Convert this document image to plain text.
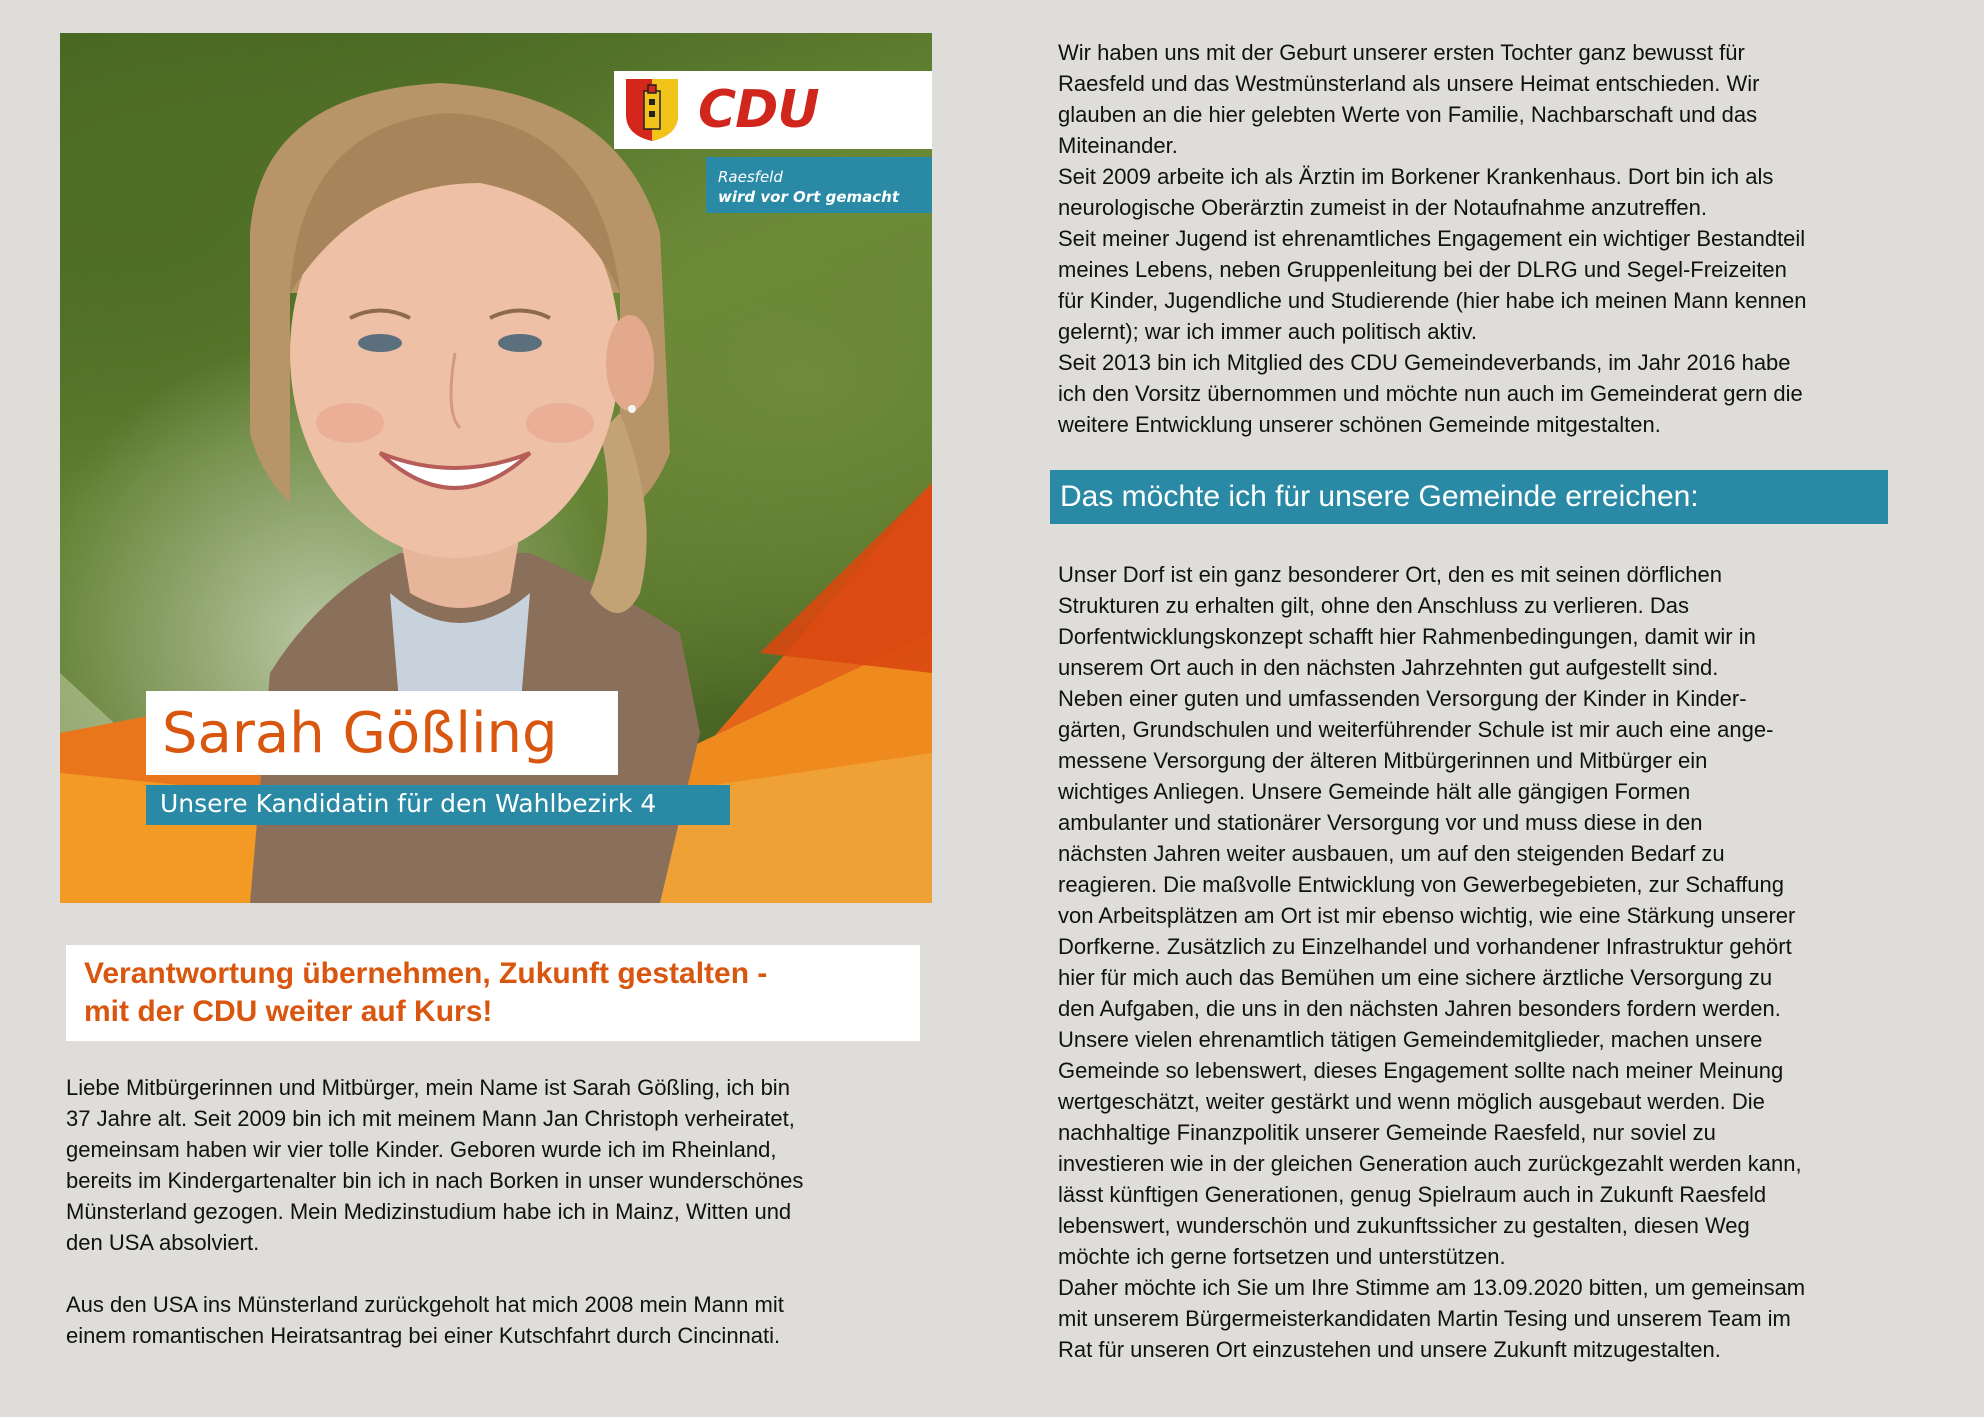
CDU
Raesfeld
wird vor Ort gemacht
Sarah Gößling
Unsere Kandidatin für den Wahlbezirk 4
Verantwortung übernehmen, Zukunft gestalten -
mit der CDU weiter auf Kurs!
Liebe Mitbürgerinnen und Mitbürger, mein Name ist Sarah Gößling, ich bin
37 Jahre alt. Seit 2009 bin ich mit meinem Mann Jan Christoph verheiratet,
gemeinsam haben wir vier tolle Kinder. Geboren wurde ich im Rheinland,
bereits im Kindergartenalter bin ich in nach Borken in unser wunderschönes
Münsterland gezogen. Mein Medizinstudium habe ich in Mainz, Witten und
den USA absolviert.
Aus den USA ins Münsterland zurückgeholt hat mich 2008 mein Mann mit
einem romantischen Heiratsantrag bei einer Kutschfahrt durch Cincinnati.
Wir haben uns mit der Geburt unserer ersten Tochter ganz bewusst für
Raesfeld und das Westmünsterland als unsere Heimat entschieden. Wir
glauben an die hier gelebten Werte von Familie, Nachbarschaft und das
Miteinander.
Seit 2009 arbeite ich als Ärztin im Borkener Krankenhaus. Dort bin ich als
neurologische Oberärztin zumeist in der Notaufnahme anzutreffen.
Seit meiner Jugend ist ehrenamtliches Engagement ein wichtiger Bestandteil
meines Lebens, neben Gruppenleitung bei der DLRG und Segel-Freizeiten
für Kinder, Jugendliche und Studierende (hier habe ich meinen Mann kennen
gelernt); war ich immer auch politisch aktiv.
Seit 2013 bin ich Mitglied des CDU Gemeindeverbands, im Jahr 2016 habe
ich den Vorsitz übernommen und möchte nun auch im Gemeinderat gern die
weitere Entwicklung unserer schönen Gemeinde mitgestalten.
Das möchte ich für unsere Gemeinde erreichen:
Unser Dorf ist ein ganz besonderer Ort, den es mit seinen dörflichen
Strukturen zu erhalten gilt, ohne den Anschluss zu verlieren. Das
Dorfentwicklungskonzept schafft hier Rahmenbedingungen, damit wir in
unserem Ort auch in den nächsten Jahrzehnten gut aufgestellt sind.
Neben einer guten und umfassenden Versorgung der Kinder in Kinder-
gärten, Grundschulen und weiterführender Schule ist mir auch eine ange-
messene Versorgung der älteren Mitbürgerinnen und Mitbürger ein
wichtiges Anliegen. Unsere Gemeinde hält alle gängigen Formen
ambulanter und stationärer Versorgung vor und muss diese in den
nächsten Jahren weiter ausbauen, um auf den steigenden Bedarf zu
reagieren. Die maßvolle Entwicklung von Gewerbegebieten, zur Schaffung
von Arbeitsplätzen am Ort ist mir ebenso wichtig, wie eine Stärkung unserer
Dorfkerne. Zusätzlich zu Einzelhandel und vorhandener Infrastruktur gehört
hier für mich auch das Bemühen um eine sichere ärztliche Versorgung zu
den Aufgaben, die uns in den nächsten Jahren besonders fordern werden.
Unsere vielen ehrenamtlich tätigen Gemeindemitglieder, machen unsere
Gemeinde so lebenswert, dieses Engagement sollte nach meiner Meinung
wertgeschätzt, weiter gestärkt und wenn möglich ausgebaut werden. Die
nachhaltige Finanzpolitik unserer Gemeinde Raesfeld, nur soviel zu
investieren wie in der gleichen Generation auch zurückgezahlt werden kann,
lässt künftigen Generationen, genug Spielraum auch in Zukunft Raesfeld
lebenswert, wunderschön und zukunftssicher zu gestalten, diesen Weg
möchte ich gerne fortsetzen und unterstützen.
Daher möchte ich Sie um Ihre Stimme am 13.09.2020 bitten, um gemeinsam
mit unserem Bürgermeisterkandidaten Martin Tesing und unserem Team im
Rat für unseren Ort einzustehen und unsere Zukunft mitzugestalten.
